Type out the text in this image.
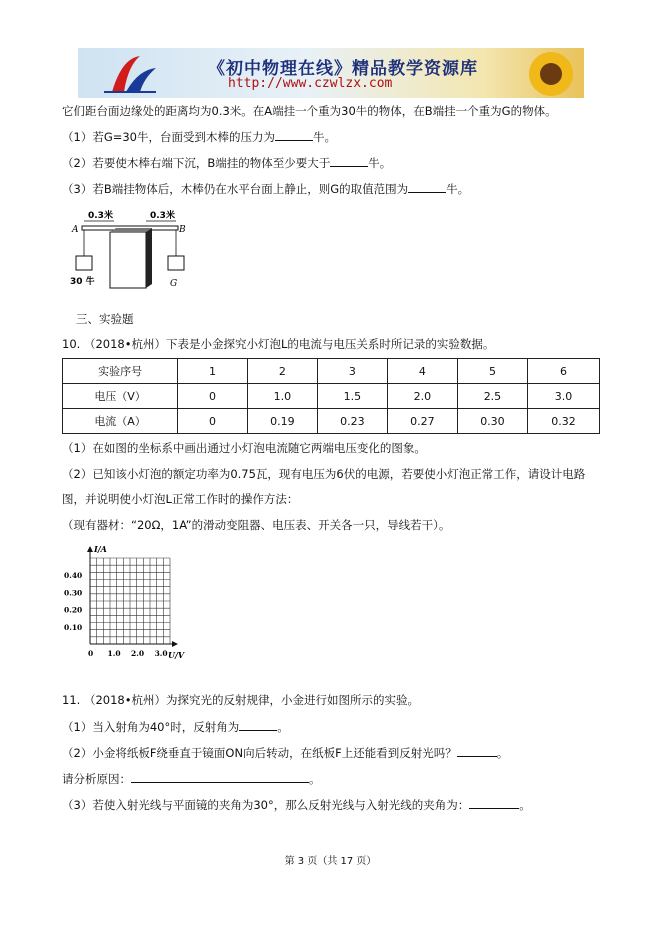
《初中物理在线》精品教学资源库
http://www.czwlzx.com
它们距台面边缘处的距离均为0.3米。在A端挂一个重为30牛的物体，在B端挂一个重为G的物体。
（1）若G=30牛，台面受到木棒的压力为	牛。
（2）若要使木棒右端下沉，B端挂的物体至少要大于	牛。
（3）若B端挂物体后，木棒仍在水平台面上静止，则G的取值范围为	牛。
0.3米	0.3米
A	B
30 牛	G
三、实验题
10. （2018•杭州）下表是小金探究小灯泡L的电流与电压关系时所记录的实验数据。
实验序号	1	2	3	4	5	6
电压（V）	0	1.0	1.5	2.0	2.5	3.0
电流（A）	0	0.19	0.23	0.27	0.30	0.32
（1）在如图的坐标系中画出通过小灯泡电流随它两端电压变化的图象。
（2）已知该小灯泡的额定功率为0.75瓦，现有电压为6伏的电源，若要使小灯泡正常工作，请设计电路
图，并说明使小灯泡L正常工作时的操作方法：
（现有器材：“20Ω，1A”的滑动变阻器、电压表、开关各一只，导线若干）。
I/A
U/V
0.40
0.30
0.20
0.10
0 1.0 2.0 3.0
11. （2018•杭州）为探究光的反射规律，小金进行如图所示的实验。
（1）当入射角为40°时，反射角为	。
（2）小金将纸板F绕垂直于镜面ON向后转动，在纸板F上还能看到反射光吗？	。
请分析原因：	。
（3）若使入射光线与平面镜的夹角为30°，那么反射光线与入射光线的夹角为：	。
第 3 页（共 17 页）
